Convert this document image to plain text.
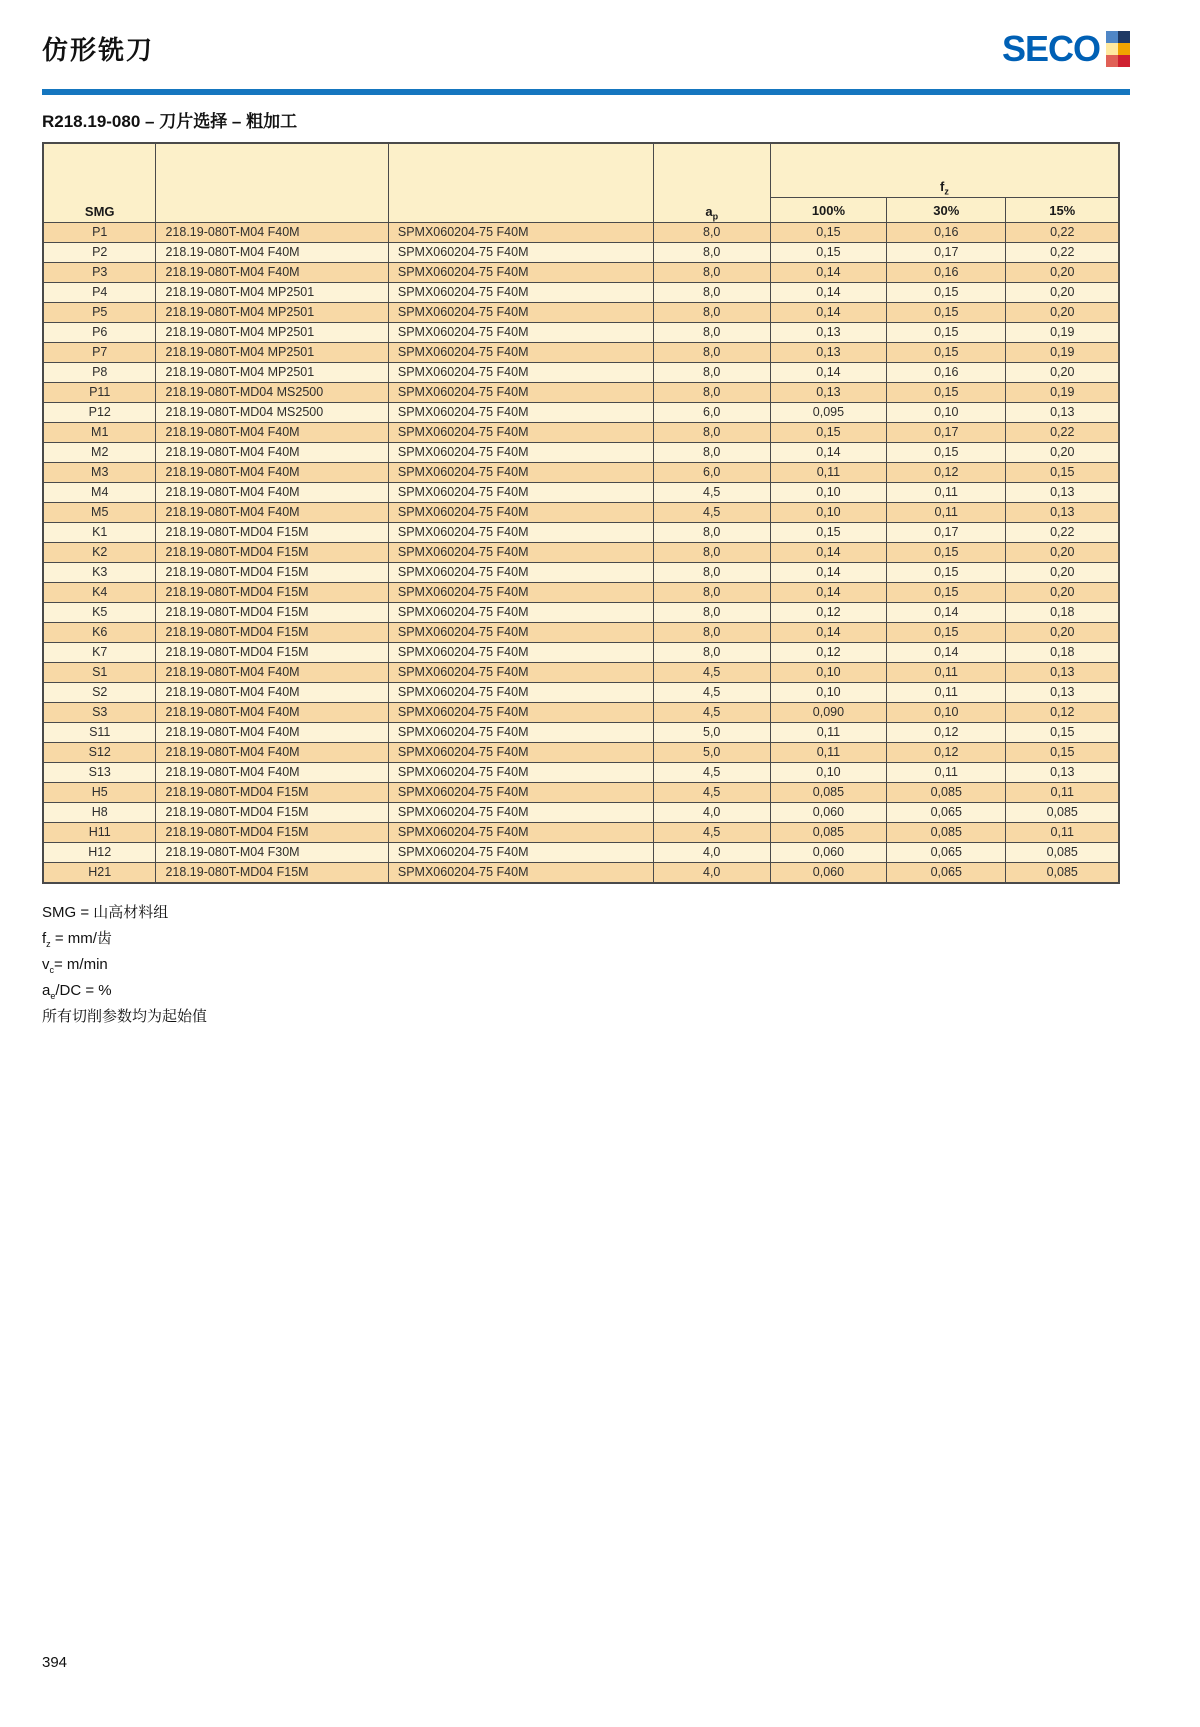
仿形铣刀	SECO
R218.19-080 – 刀片选择 – 粗加工
SMG			$a_p$	$f_z$
				100%	30%	15%
P1	218.19-080T-M04 F40M	SPMX060204-75 F40M	8,0	0,15	0,16	0,22
P2	218.19-080T-M04 F40M	SPMX060204-75 F40M	8,0	0,15	0,17	0,22
P3	218.19-080T-M04 F40M	SPMX060204-75 F40M	8,0	0,14	0,16	0,20
P4	218.19-080T-M04 MP2501	SPMX060204-75 F40M	8,0	0,14	0,15	0,20
P5	218.19-080T-M04 MP2501	SPMX060204-75 F40M	8,0	0,14	0,15	0,20
P6	218.19-080T-M04 MP2501	SPMX060204-75 F40M	8,0	0,13	0,15	0,19
P7	218.19-080T-M04 MP2501	SPMX060204-75 F40M	8,0	0,13	0,15	0,19
P8	218.19-080T-M04 MP2501	SPMX060204-75 F40M	8,0	0,14	0,16	0,20
P11	218.19-080T-MD04 MS2500	SPMX060204-75 F40M	8,0	0,13	0,15	0,19
P12	218.19-080T-MD04 MS2500	SPMX060204-75 F40M	6,0	0,095	0,10	0,13
M1	218.19-080T-M04 F40M	SPMX060204-75 F40M	8,0	0,15	0,17	0,22
M2	218.19-080T-M04 F40M	SPMX060204-75 F40M	8,0	0,14	0,15	0,20
M3	218.19-080T-M04 F40M	SPMX060204-75 F40M	6,0	0,11	0,12	0,15
M4	218.19-080T-M04 F40M	SPMX060204-75 F40M	4,5	0,10	0,11	0,13
M5	218.19-080T-M04 F40M	SPMX060204-75 F40M	4,5	0,10	0,11	0,13
K1	218.19-080T-MD04 F15M	SPMX060204-75 F40M	8,0	0,15	0,17	0,22
K2	218.19-080T-MD04 F15M	SPMX060204-75 F40M	8,0	0,14	0,15	0,20
K3	218.19-080T-MD04 F15M	SPMX060204-75 F40M	8,0	0,14	0,15	0,20
K4	218.19-080T-MD04 F15M	SPMX060204-75 F40M	8,0	0,14	0,15	0,20
K5	218.19-080T-MD04 F15M	SPMX060204-75 F40M	8,0	0,12	0,14	0,18
K6	218.19-080T-MD04 F15M	SPMX060204-75 F40M	8,0	0,14	0,15	0,20
K7	218.19-080T-MD04 F15M	SPMX060204-75 F40M	8,0	0,12	0,14	0,18
S1	218.19-080T-M04 F40M	SPMX060204-75 F40M	4,5	0,10	0,11	0,13
S2	218.19-080T-M04 F40M	SPMX060204-75 F40M	4,5	0,10	0,11	0,13
S3	218.19-080T-M04 F40M	SPMX060204-75 F40M	4,5	0,090	0,10	0,12
S11	218.19-080T-M04 F40M	SPMX060204-75 F40M	5,0	0,11	0,12	0,15
S12	218.19-080T-M04 F40M	SPMX060204-75 F40M	5,0	0,11	0,12	0,15
S13	218.19-080T-M04 F40M	SPMX060204-75 F40M	4,5	0,10	0,11	0,13
H5	218.19-080T-MD04 F15M	SPMX060204-75 F40M	4,5	0,085	0,085	0,11
H8	218.19-080T-MD04 F15M	SPMX060204-75 F40M	4,0	0,060	0,065	0,085
H11	218.19-080T-MD04 F15M	SPMX060204-75 F40M	4,5	0,085	0,085	0,11
H12	218.19-080T-M04 F30M	SPMX060204-75 F40M	4,0	0,060	0,065	0,085
H21	218.19-080T-MD04 F15M	SPMX060204-75 F40M	4,0	0,060	0,065	0,085
SMG = 山高材料组
$f_z = mm/$齿
$v_c= m/\min$
$a_e/DC$ = %
所有切削参数均为起始值
394
